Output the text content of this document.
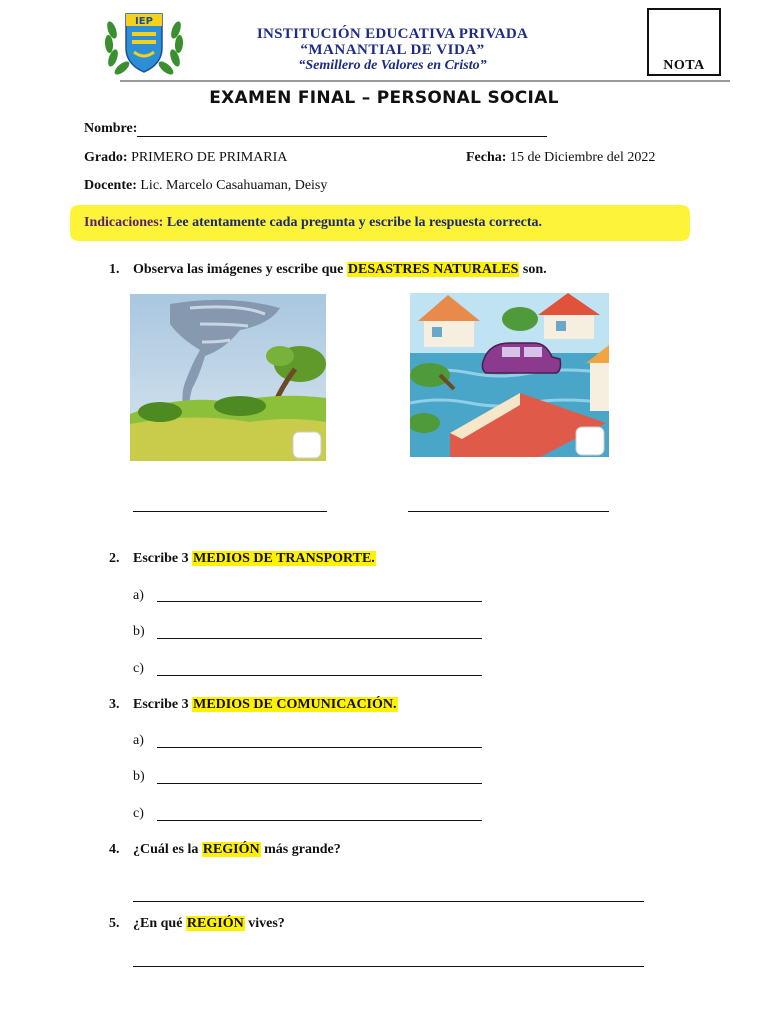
IEP
INSTITUCIÓN EDUCATIVA PRIVADA
“MANANTIAL DE VIDA”
“Semillero de Valores en Cristo”	NOTA
EXAMEN FINAL – PERSONAL SOCIAL
Nombre:
Grado: PRIMERO DE PRIMARIA	Fecha: 15 de Diciembre del 2022
Docente: Lic. Marcelo Casahuaman, Deisy
Indicaciones: Lee atentamente cada pregunta y escribe la respuesta correcta.
1. Observa las imágenes y escribe que DESASTRES NATURALES son.
2. Escribe 3 MEDIOS DE TRANSPORTE.
a)
b)
c)
3. Escribe 3 MEDIOS DE COMUNICACIÓN.
a)
b)
c)
4. ¿Cuál es la REGIÓN más grande?
5. ¿En qué REGIÓN vives?
